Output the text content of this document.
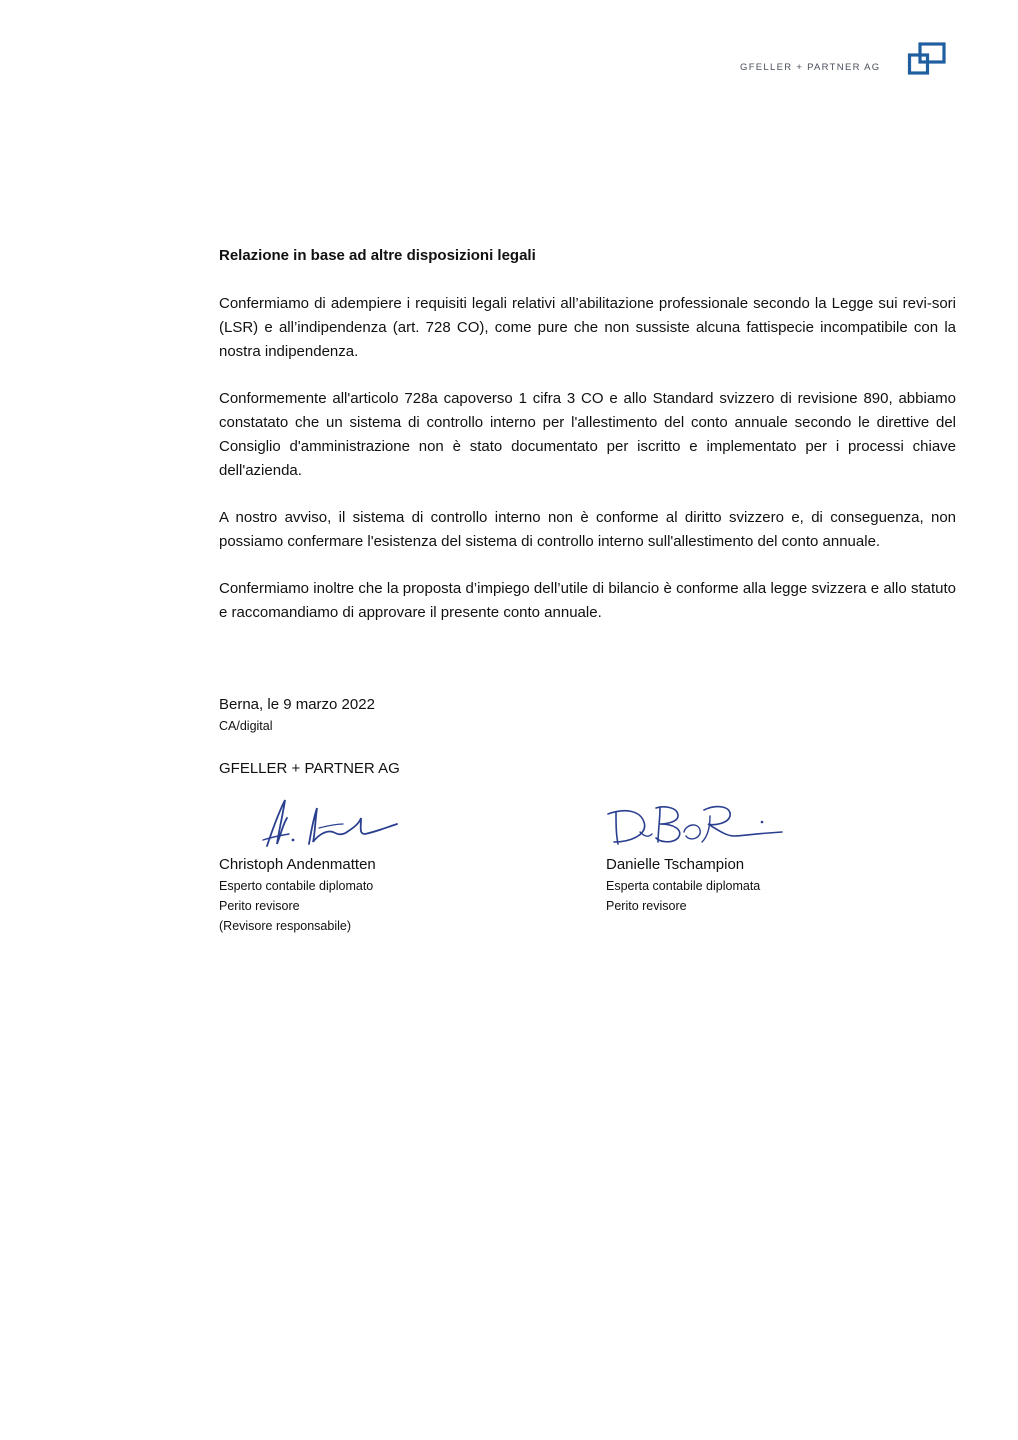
GFELLER + PARTNER AG
Relazione in base ad altre disposizioni legali

Confermiamo di adempiere i requisiti legali relativi all’abilitazione professionale secondo la Legge sui revi-sori (LSR) e all’indipendenza (art. 728 CO), come pure che non sussiste alcuna fattispecie incompatibile con la nostra indipendenza.

Conformemente all'articolo 728a capoverso 1 cifra 3 CO e allo Standard svizzero di revisione 890, abbiamo constatato che un sistema di controllo interno per l'allestimento del conto annuale secondo le direttive del Consiglio d'amministrazione non è stato documentato per iscritto e implementato per i processi chiave dell'azienda.

A nostro avviso, il sistema di controllo interno non è conforme al diritto svizzero e, di conseguenza, non possiamo confermare l'esistenza del sistema di controllo interno sull'allestimento del conto annuale.

Confermiamo inoltre che la proposta d’impiego dell’utile di bilancio è conforme alla legge svizzera e allo statuto e raccomandiamo di approvare il presente conto annuale.

Berna, le 9 marzo 2022
CA/digital
GFELLER + PARTNER AG
Christoph Andenmatten
Esperto contabile diplomato
Perito revisore
(Revisore responsabile)
Danielle Tschampion
Esperta contabile diplomata
Perito revisore
